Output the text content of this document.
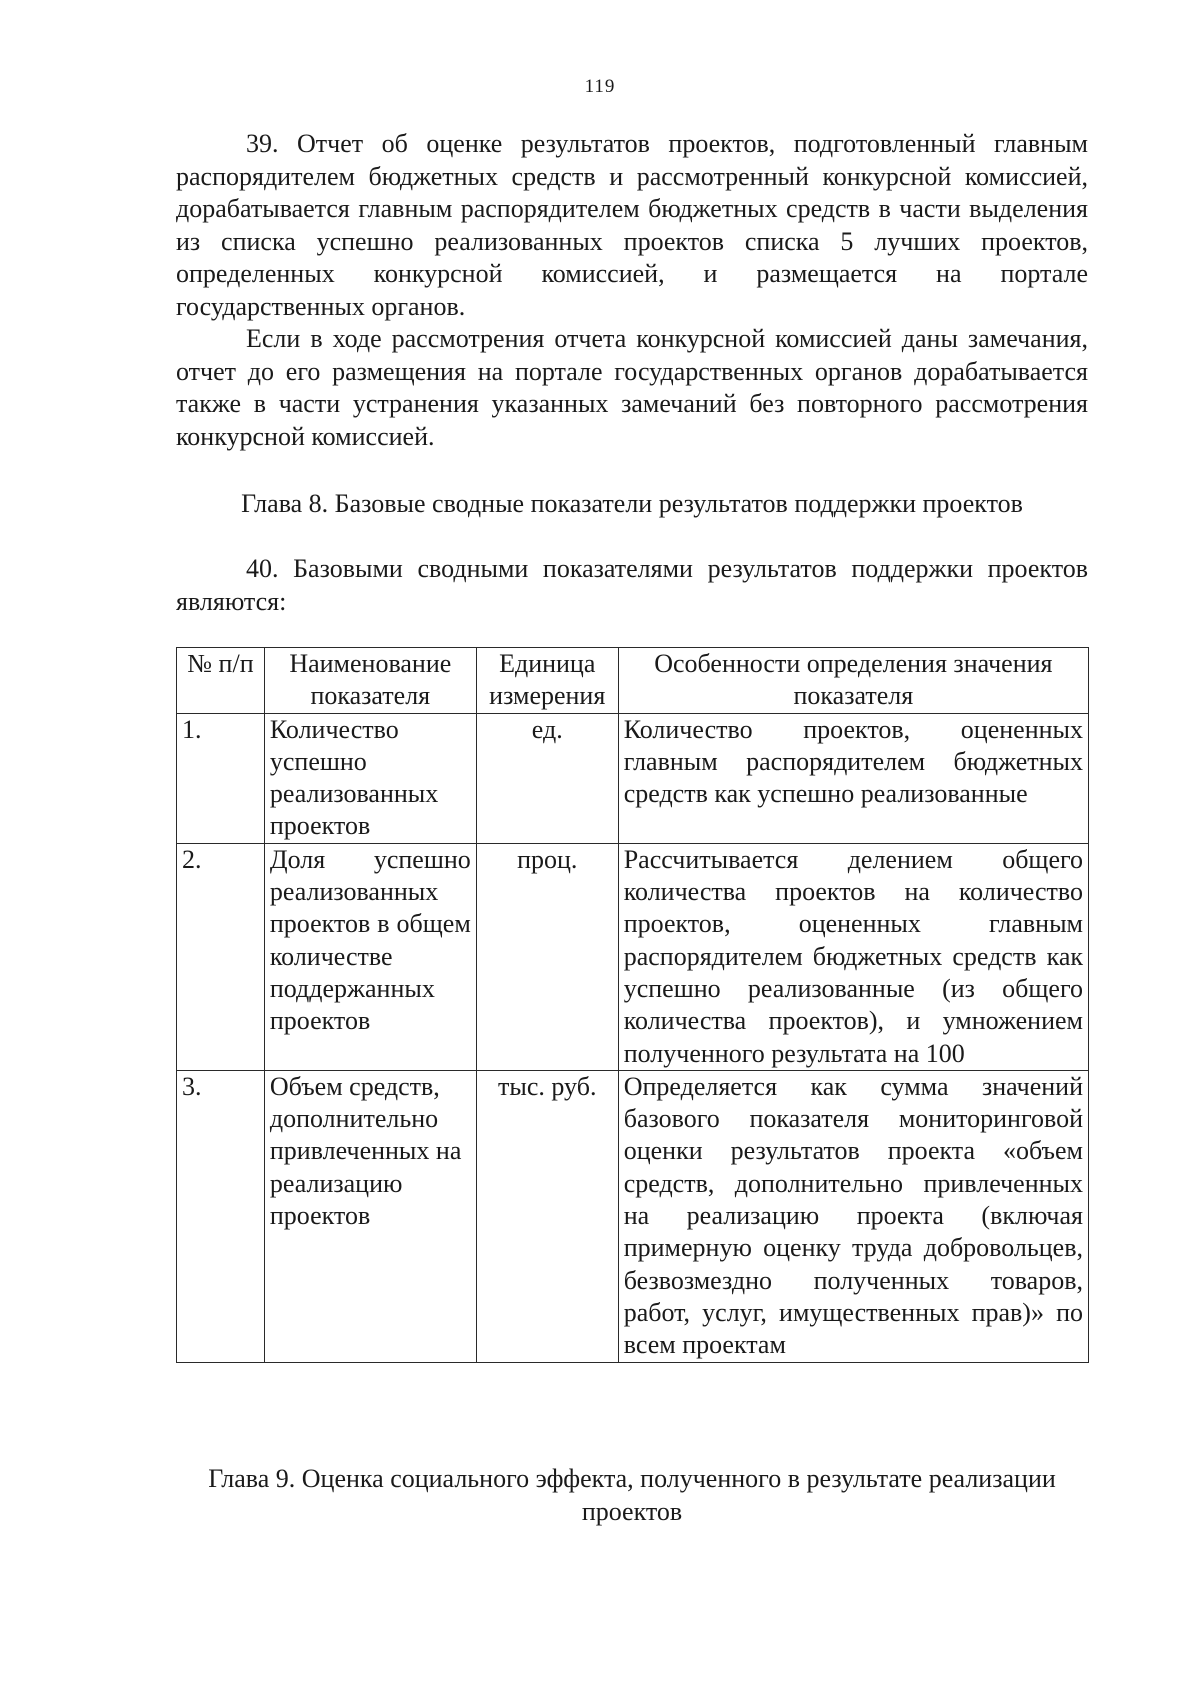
119

39. Отчет об оценке результатов проектов, подготовленный главным распорядителем бюджетных средств и рассмотренный конкурсной комиссией, дорабатывается главным распорядителем бюджетных средств в части выделения из списка успешно реализованных проектов списка 5 лучших проектов, определенных конкурсной комиссией, и размещается на портале государственных органов.

Если в ходе рассмотрения отчета конкурсной комиссией даны замечания, отчет до его размещения на портале государственных органов дорабатывается также в части устранения указанных замечаний без повторного рассмотрения конкурсной комиссией.

Глава 8. Базовые сводные показатели результатов поддержки проектов

40. Базовыми сводными показателями результатов поддержки проектов являются:

№ п/п	Наименование показателя	Единица измерения	Особенности определения значения показателя
1.	Количество успешно реализованных проектов	ед.	Количество проектов, оцененных главным распорядителем бюджетных средств как успешно реализованные
2.	Доля успешно реализованных проектов в общем количестве поддержанных проектов	проц.	Рассчитывается делением общего количества проектов на количество проектов, оцененных главным распорядителем бюджетных средств как успешно реализованные (из общего количества проектов), и умножением полученного результата на 100
3.	Объем средств, дополнительно привлеченных на реализацию проектов	тыс. руб.	Определяется как сумма значений базового показателя мониторинговой оценки результатов проекта «объем средств, дополнительно привлеченных на реализацию проекта (включая примерную оценку труда добровольцев, безвозмездно полученных товаров, работ, услуг, имущественных прав)» по всем проектам

Глава 9. Оценка социального эффекта, полученного в результате реализации проектов
